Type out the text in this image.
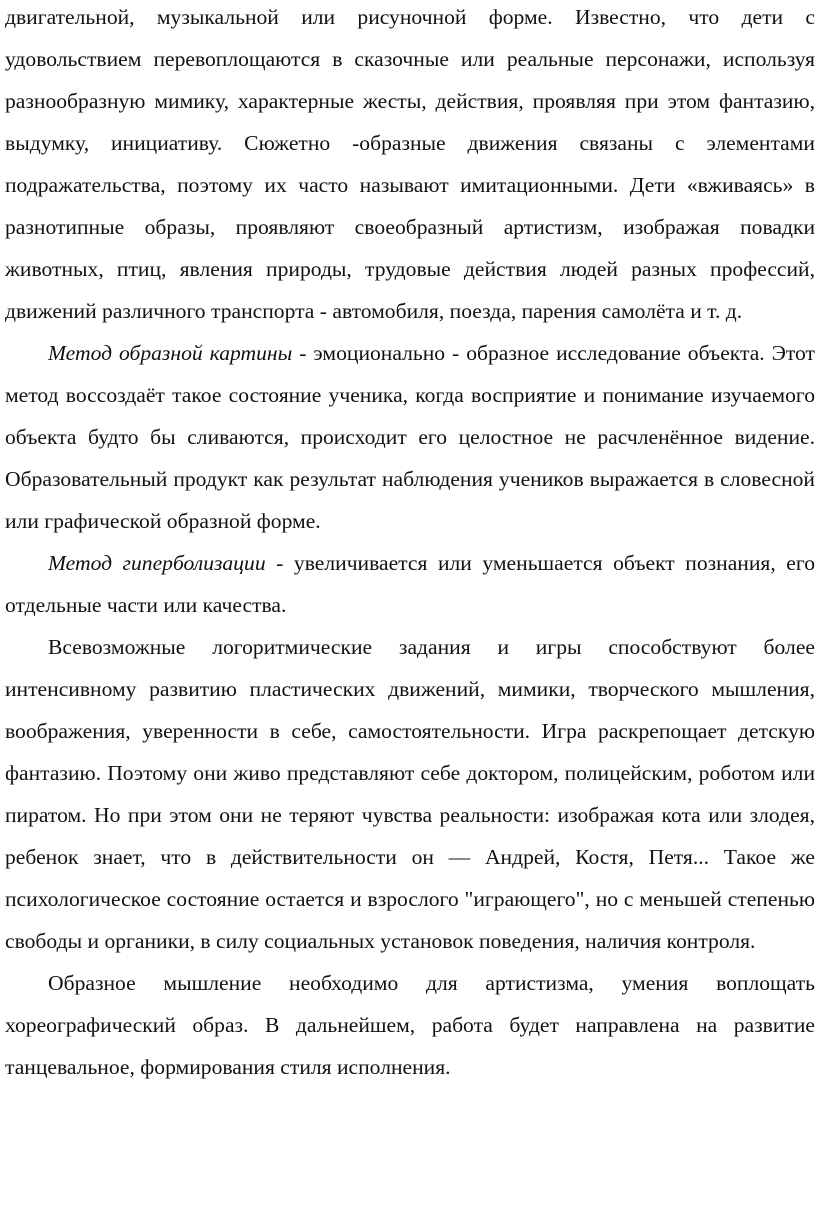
двигательной, музыкальной или рисуночной форме. Известно, что дети с удовольствием перевоплощаются в сказочные или реальные персонажи, используя разнообразную мимику, характерные жесты, действия, проявляя при этом фантазию, выдумку, инициативу. Сюжетно -образные движения связаны с элементами подражательства, поэтому их часто называют имитационными. Дети «вживаясь» в разнотипные образы, проявляют своеобразный артистизм, изображая повадки животных, птиц, явления природы, трудовые действия людей разных профессий, движений различного транспорта - автомобиля, поезда, парения самолёта и т. д.

Метод образной картины - эмоционально - образное исследование объекта. Этот метод воссоздаёт такое состояние ученика, когда восприятие и понимание изучаемого объекта будто бы сливаются, происходит его целостное не расчленённое видение. Образовательный продукт как результат наблюдения учеников выражается в словесной или графической образной форме.

Метод гиперболизации - увеличивается или уменьшается объект познания, его отдельные части или качества.

Всевозможные логоритмические задания и игры способствуют более интенсивному развитию пластических движений, мимики, творческого мышления, воображения, уверенности в себе, самостоятельности. Игра раскрепощает детскую фантазию. Поэтому они живо представляют себе доктором, полицейским, роботом или пиратом. Но при этом они не теряют чувства реальности: изображая кота или злодея, ребенок знает, что в действительности он — Андрей, Костя, Петя... Такое же психологическое состояние остается и взрослого "играющего", но с меньшей степенью свободы и органики, в силу социальных установок поведения, наличия контроля.

Образное мышление необходимо для артистизма, умения воплощать хореографический образ. В дальнейшем, работа будет направлена на развитие танцевальное, формирования стиля исполнения.
